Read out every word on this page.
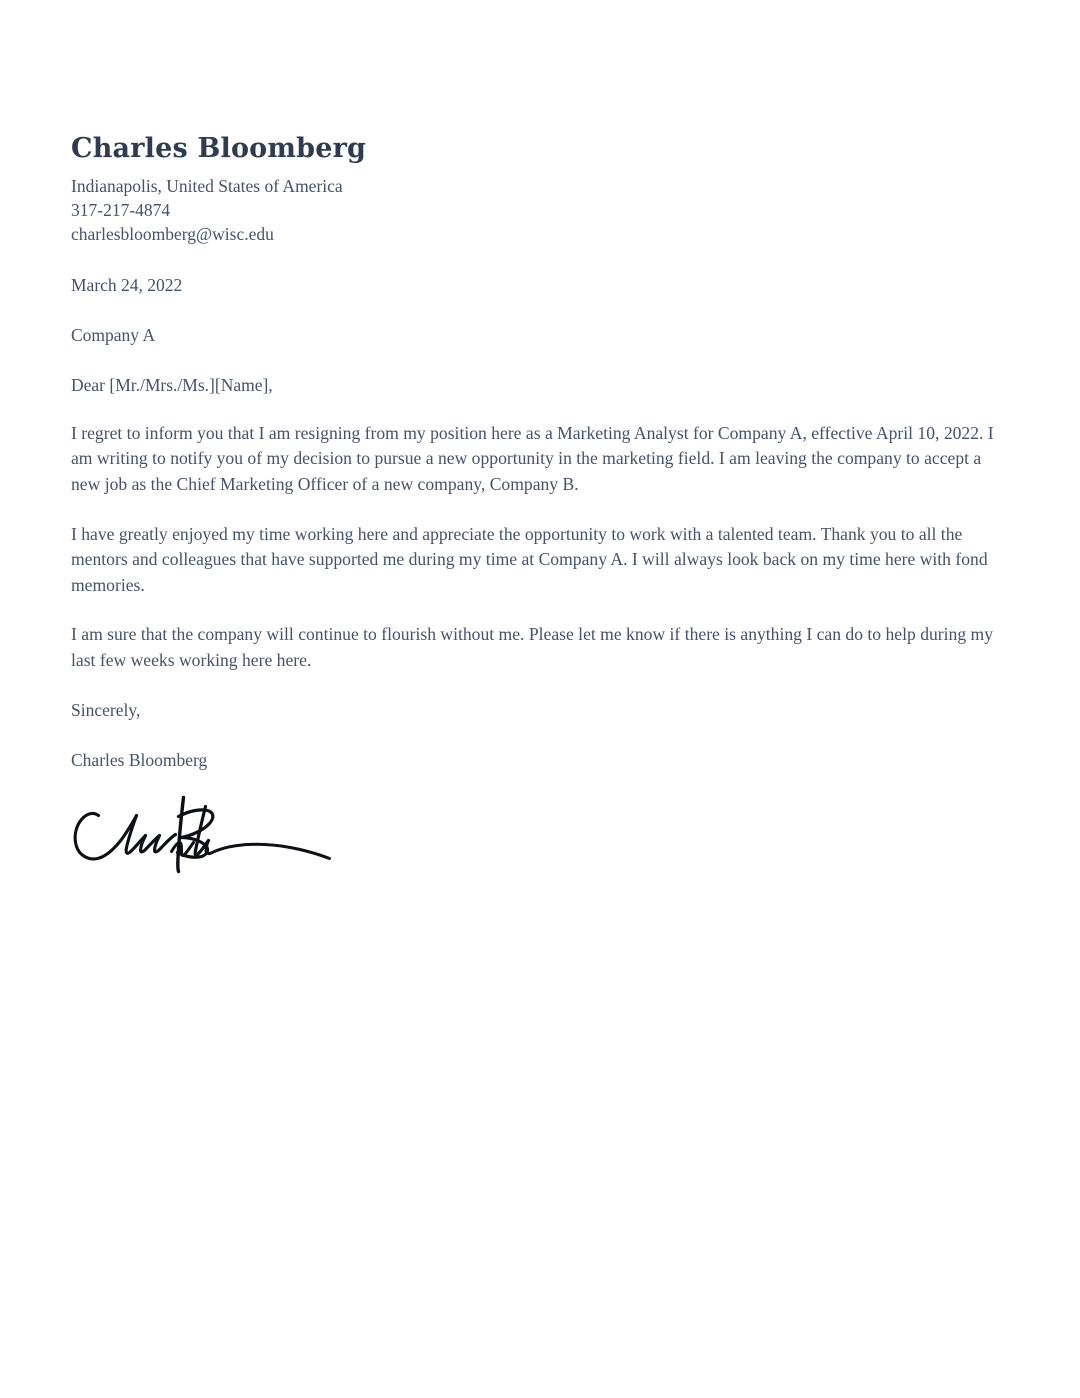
Charles Bloomberg
Indianapolis, United States of America
317-217-4874
charlesbloomberg@wisc.edu
March 24, 2022
Company A
Dear [Mr./Mrs./Ms.][Name],

I regret to inform you that I am resigning from my position here as a Marketing Analyst for Company A, effective April 10, 2022. I am writing to notify you of my decision to pursue a new opportunity in the marketing field. I am leaving the company to accept a new job as the Chief Marketing Officer of a new company, Company B.

I have greatly enjoyed my time working here and appreciate the opportunity to work with a talented team. Thank you to all the mentors and colleagues that have supported me during my time at Company A. I will always look back on my time here with fond memories.

I am sure that the company will continue to flourish without me. Please let me know if there is anything I can do to help during my last few weeks working here here.

Sincerely,
Charles Bloomberg
